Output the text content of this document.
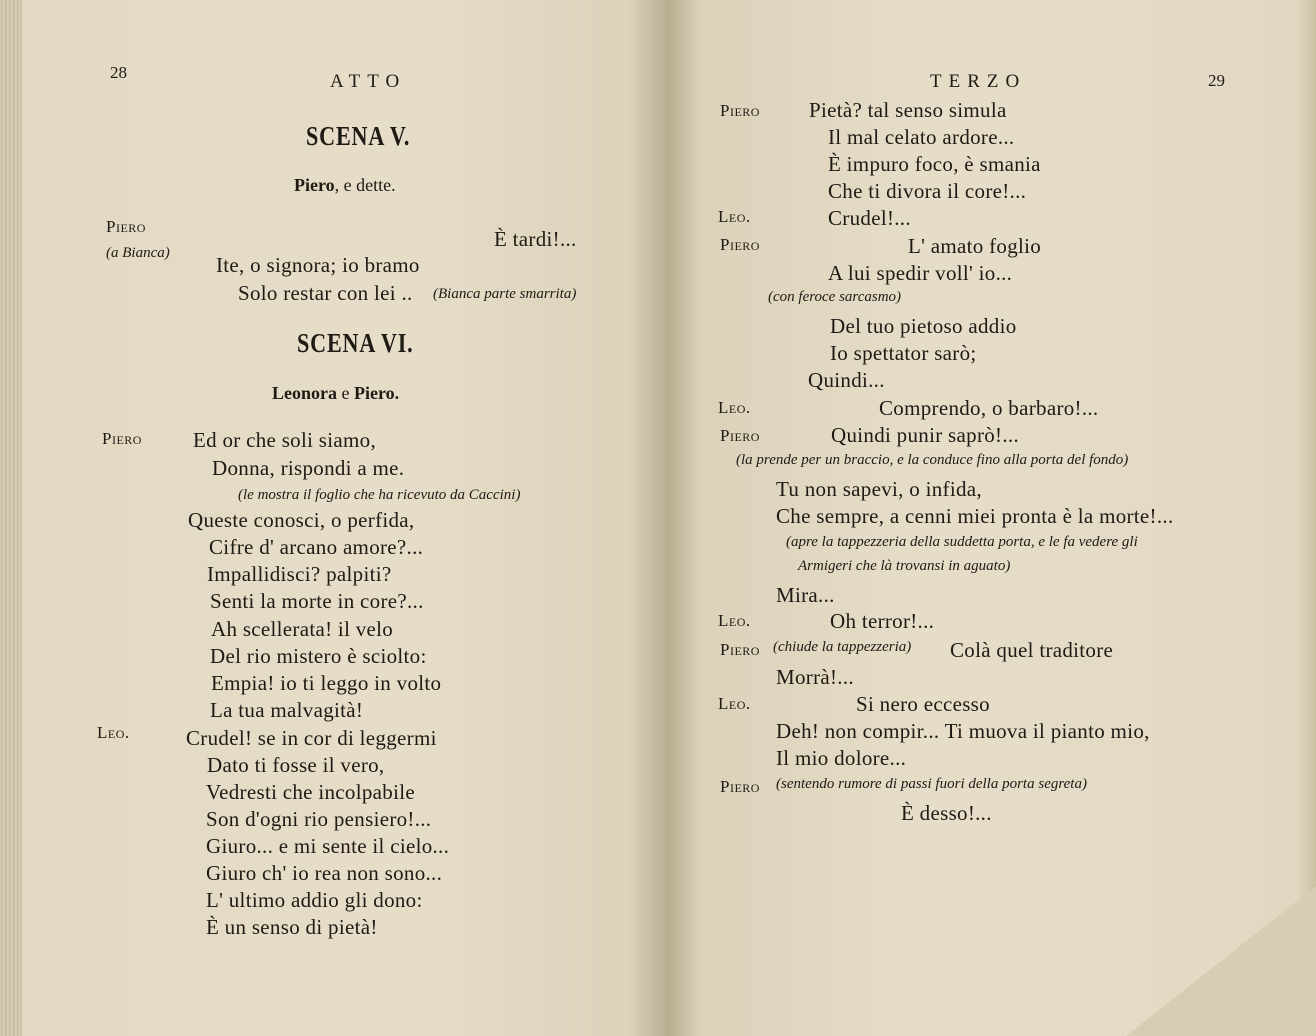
28	ATTO
SCENA V.
Piero, e dette.
Piero
È tardi!...
(a Bianca) Ite, o signora; io bramo
Solo restar con lei .. (Bianca parte smarrita)
SCENA VI.
Leonora e Piero.
Piero Ed or che soli siamo,
Donna, rispondi a me.
(le mostra il foglio che ha ricevuto da Caccini)
Queste conosci, o perfida,
Cifre d' arcano amore?...
Impallidisci? palpiti?
Senti la morte in core?...
Ah scellerata! il velo
Del rio mistero è sciolto:
Empia! io ti leggo in volto
La tua malvagità!
Leo.	Crudel! se in cor di leggermi
Dato ti fosse il vero,
Vedresti che incolpabile
Son d'ogni rio pensiero!...
Giuro... e mi sente il cielo...
Giuro ch' io rea non sono...
L' ultimo addio gli dono:
È un senso di pietà!
TERZO	29
Piero Pietà? tal senso simula
Il mal celato ardore...
È impuro foco, è smania
Che ti divora il core!...
Leo.	Crudel!...
Piero	L' amato foglio
A lui spedir voll' io...
(con feroce sarcasmo)
Del tuo pietoso addio
Io spettator sarò;
Quindi...
Leo.	Comprendo, o barbaro!...
Piero	Quindi punir saprò!...
(la prende per un braccio, e la conduce fino alla porta del fondo)
Tu non sapevi, o infida,
Che sempre, a cenni miei pronta è la morte!...
(apre la tappezzeria della suddetta porta, e le fa vedere gli
Armigeri che là trovansi in aguato)
Mira...
Leo.	Oh terror!...
Piero (chiude la tappezzeria) Colà quel traditore
Morrà!...
Leo.	Si nero eccesso
Deh! non compir... Ti muova il pianto mio,
Il mio dolore...
Piero (sentendo rumore di passi fuori della porta segreta)
È desso!...
